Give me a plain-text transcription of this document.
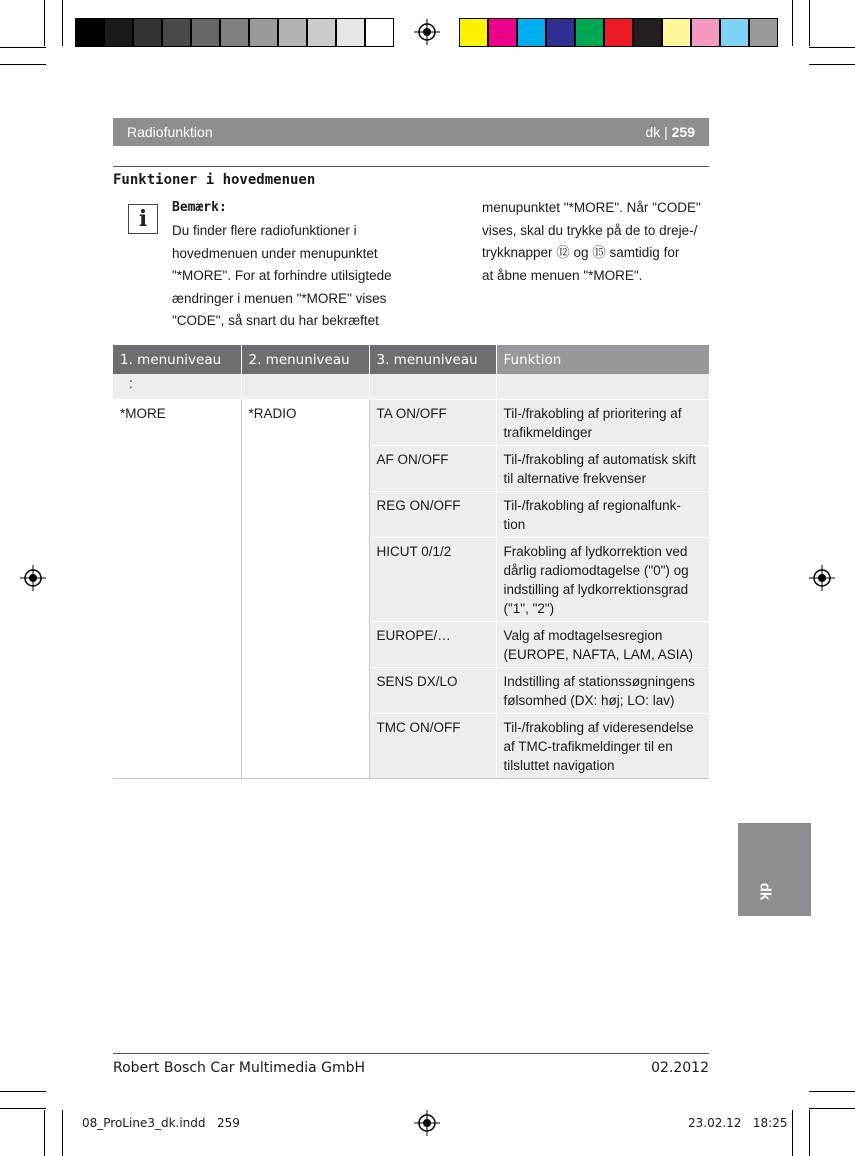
Radiofunktion	dk | 259
Funktioner i hovedmenuen
i	Bemærk:
Du finder flere radiofunktioner i
hovedmenuen under menupunktet
"*MORE". For at forhindre utilsigtede
ændringer i menuen "*MORE" vises
"CODE", så snart du har bekræftet
menupunktet "*MORE". Når "CODE"
vises, skal du trykke på de to dreje-/
trykknapper ⑫ og ⑮ samtidig for
at åbne menuen "*MORE".
1. menuniveau	2. menuniveau	3. menuniveau	Funktion
:			
*MORE	*RADIO	TA ON/OFF	Til-/frakobling af prioritering af trafikmeldinger
		AF ON/OFF	Til-/frakobling af automatisk skift til alternative frekvenser
		REG ON/OFF	Til-/frakobling af regionalfunk-tion
		HICUT 0/1/2	Frakobling af lydkorrektion ved dårlig radiomodtagelse ("0") og indstilling af lydkorrektionsgrad ("1", "2")
		EUROPE/…	Valg af modtagelsesregion (EUROPE, NAFTA, LAM, ASIA)
		SENS DX/LO	Indstilling af stationssøgningens følsomhed (DX: høj; LO: lav)
		TMC ON/OFF	Til-/frakobling af videresendelse af TMC-trafikmeldinger til en tilsluttet navigation
dk
Robert Bosch Car Multimedia GmbH	02.2012
08_ProLine3_dk.indd   259	23.02.12   18:25
